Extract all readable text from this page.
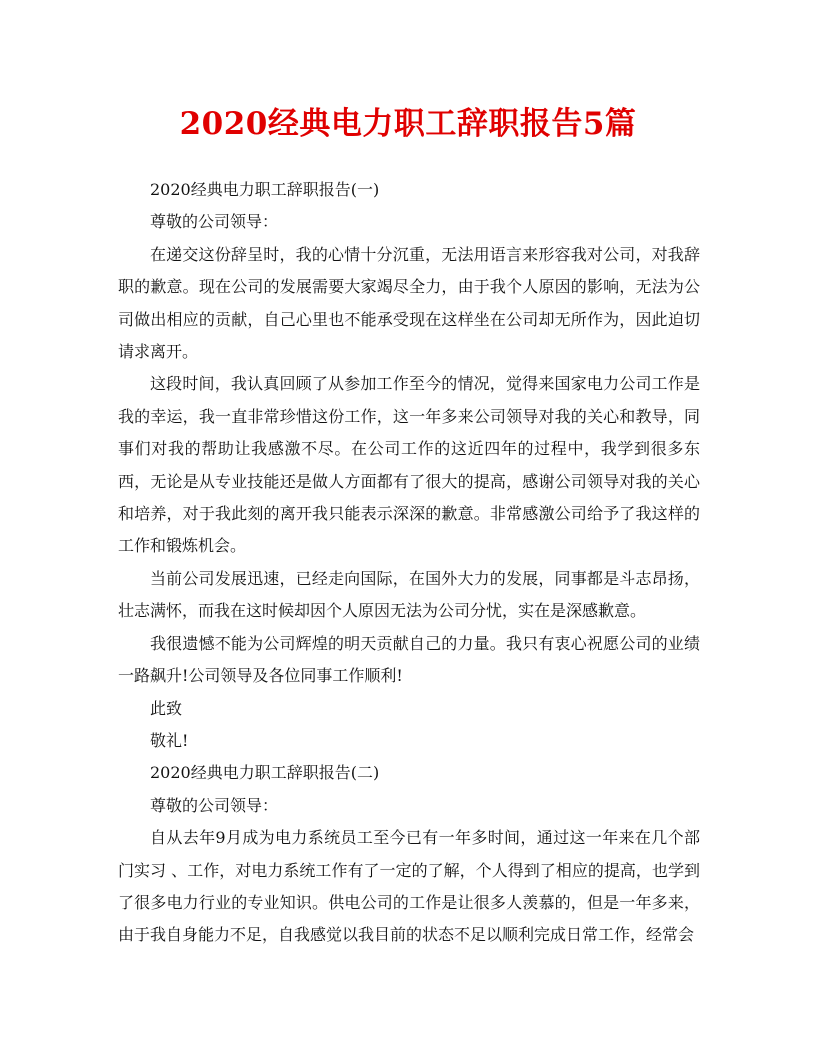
2020经典电力职工辞职报告5篇

2020经典电力职工辞职报告(一)

尊敬的公司领导：

在递交这份辞呈时，我的心情十分沉重，无法用语言来形容我对公司，对我辞职的歉意。现在公司的发展需要大家竭尽全力，由于我个人原因的影响，无法为公司做出相应的贡献，自己心里也不能承受现在这样坐在公司却无所作为，因此迫切请求离开。

这段时间，我认真回顾了从参加工作至今的情况，觉得来国家电力公司工作是我的幸运，我一直非常珍惜这份工作，这一年多来公司领导对我的关心和教导，同事们对我的帮助让我感激不尽。在公司工作的这近四年的过程中，我学到很多东西，无论是从专业技能还是做人方面都有了很大的提高，感谢公司领导对我的关心和培养，对于我此刻的离开我只能表示深深的歉意。非常感激公司给予了我这样的工作和锻炼机会。

当前公司发展迅速，已经走向国际，在国外大力的发展，同事都是斗志昂扬，壮志满怀，而我在这时候却因个人原因无法为公司分忧，实在是深感歉意。

我很遗憾不能为公司辉煌的明天贡献自己的力量。我只有衷心祝愿公司的业绩一路飙升!公司领导及各位同事工作顺利!

此致

敬礼!

2020经典电力职工辞职报告(二)

尊敬的公司领导：

自从去年9月成为电力系统员工至今已有一年多时间，通过这一年来在几个部门实习 、工作，对电力系统工作有了一定的了解，个人得到了相应的提高，也学到了很多电力行业的专业知识。供电公司的工作是让很多人羡慕的，但是一年多来，由于我自身能力不足，自我感觉以我目前的状态不足以顺利完成日常工作，经常会
